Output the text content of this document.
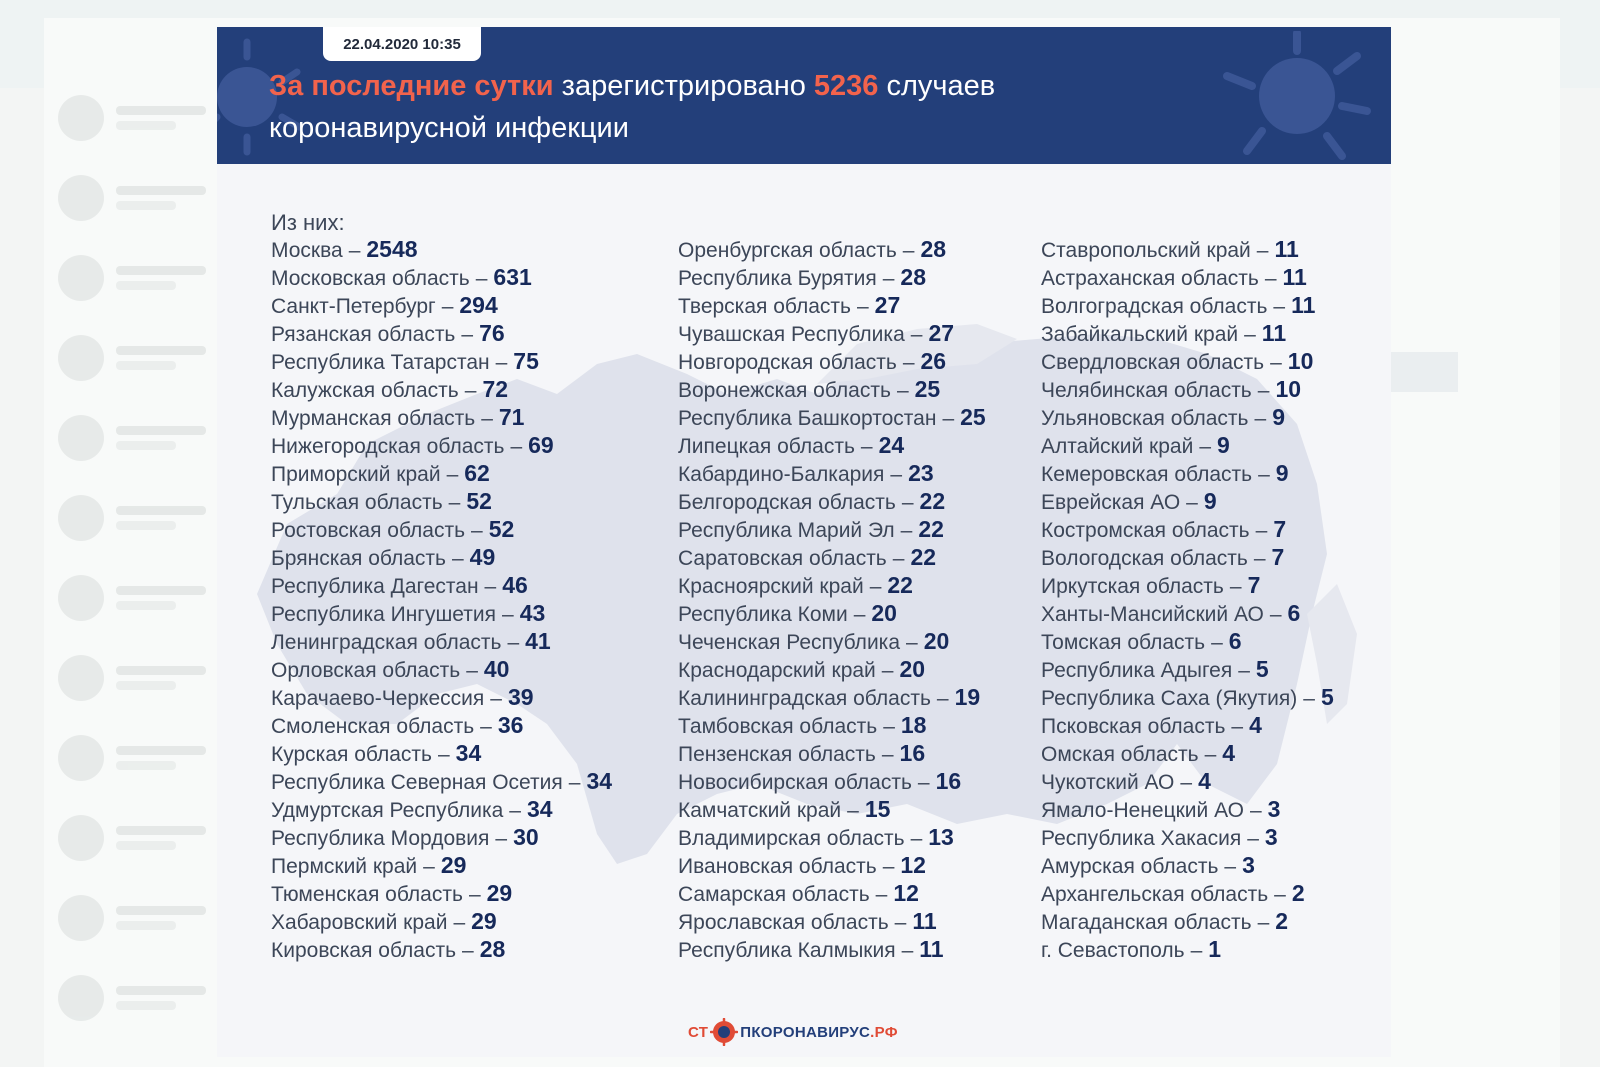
22.04.2020 10:35
За последние сутки зарегистрировано 5236 случаев
коронавирусной инфекции
Из них:
Москва – 2548
Московская область – 631
Санкт-Петербург – 294
Рязанская область – 76
Республика Татарстан – 75
Калужская область – 72
Мурманская область – 71
Нижегородская область – 69
Приморский край – 62
Тульская область – 52
Ростовская область – 52
Брянская область – 49
Республика Дагестан – 46
Республика Ингушетия – 43
Ленинградская область – 41
Орловская область – 40
Карачаево-Черкессия – 39
Смоленская область – 36
Курская область – 34
Республика Северная Осетия – 34
Удмуртская Республика – 34
Республика Мордовия – 30
Пермский край – 29
Тюменская область – 29
Хабаровский край – 29
Кировская область – 28
Оренбургская область – 28
Республика Бурятия – 28
Тверская область – 27
Чувашская Республика – 27
Новгородская область – 26
Воронежская область – 25
Республика Башкортостан – 25
Липецкая область – 24
Кабардино-Балкария – 23
Белгородская область – 22
Республика Марий Эл – 22
Саратовская область – 22
Красноярский край – 22
Республика Коми – 20
Чеченская Республика – 20
Краснодарский край – 20
Калининградская область – 19
Тамбовская область – 18
Пензенская область – 16
Новосибирская область – 16
Камчатский край – 15
Владимирская область – 13
Ивановская область – 12
Самарская область – 12
Ярославская область – 11
Республика Калмыкия – 11
Ставропольский край – 11
Астраханская область – 11
Волгоградская область – 11
Забайкальский край – 11
Свердловская область – 10
Челябинская область – 10
Ульяновская область – 9
Алтайский край – 9
Кемеровская область – 9
Еврейская АО – 9
Костромская область – 7
Вологодская область – 7
Иркутская область – 7
Ханты-Мансийский АО – 6
Томская область – 6
Республика Адыгея – 5
Республика Саха (Якутия) – 5
Псковская область – 4
Омская область – 4
Чукотский АО – 4
Ямало-Ненецкий АО – 3
Республика Хакасия – 3
Амурская область – 3
Архангельская область – 2
Магаданская область – 2
г. Севастополь – 1
СТ ПКОРОНАВИРУС .РФ
